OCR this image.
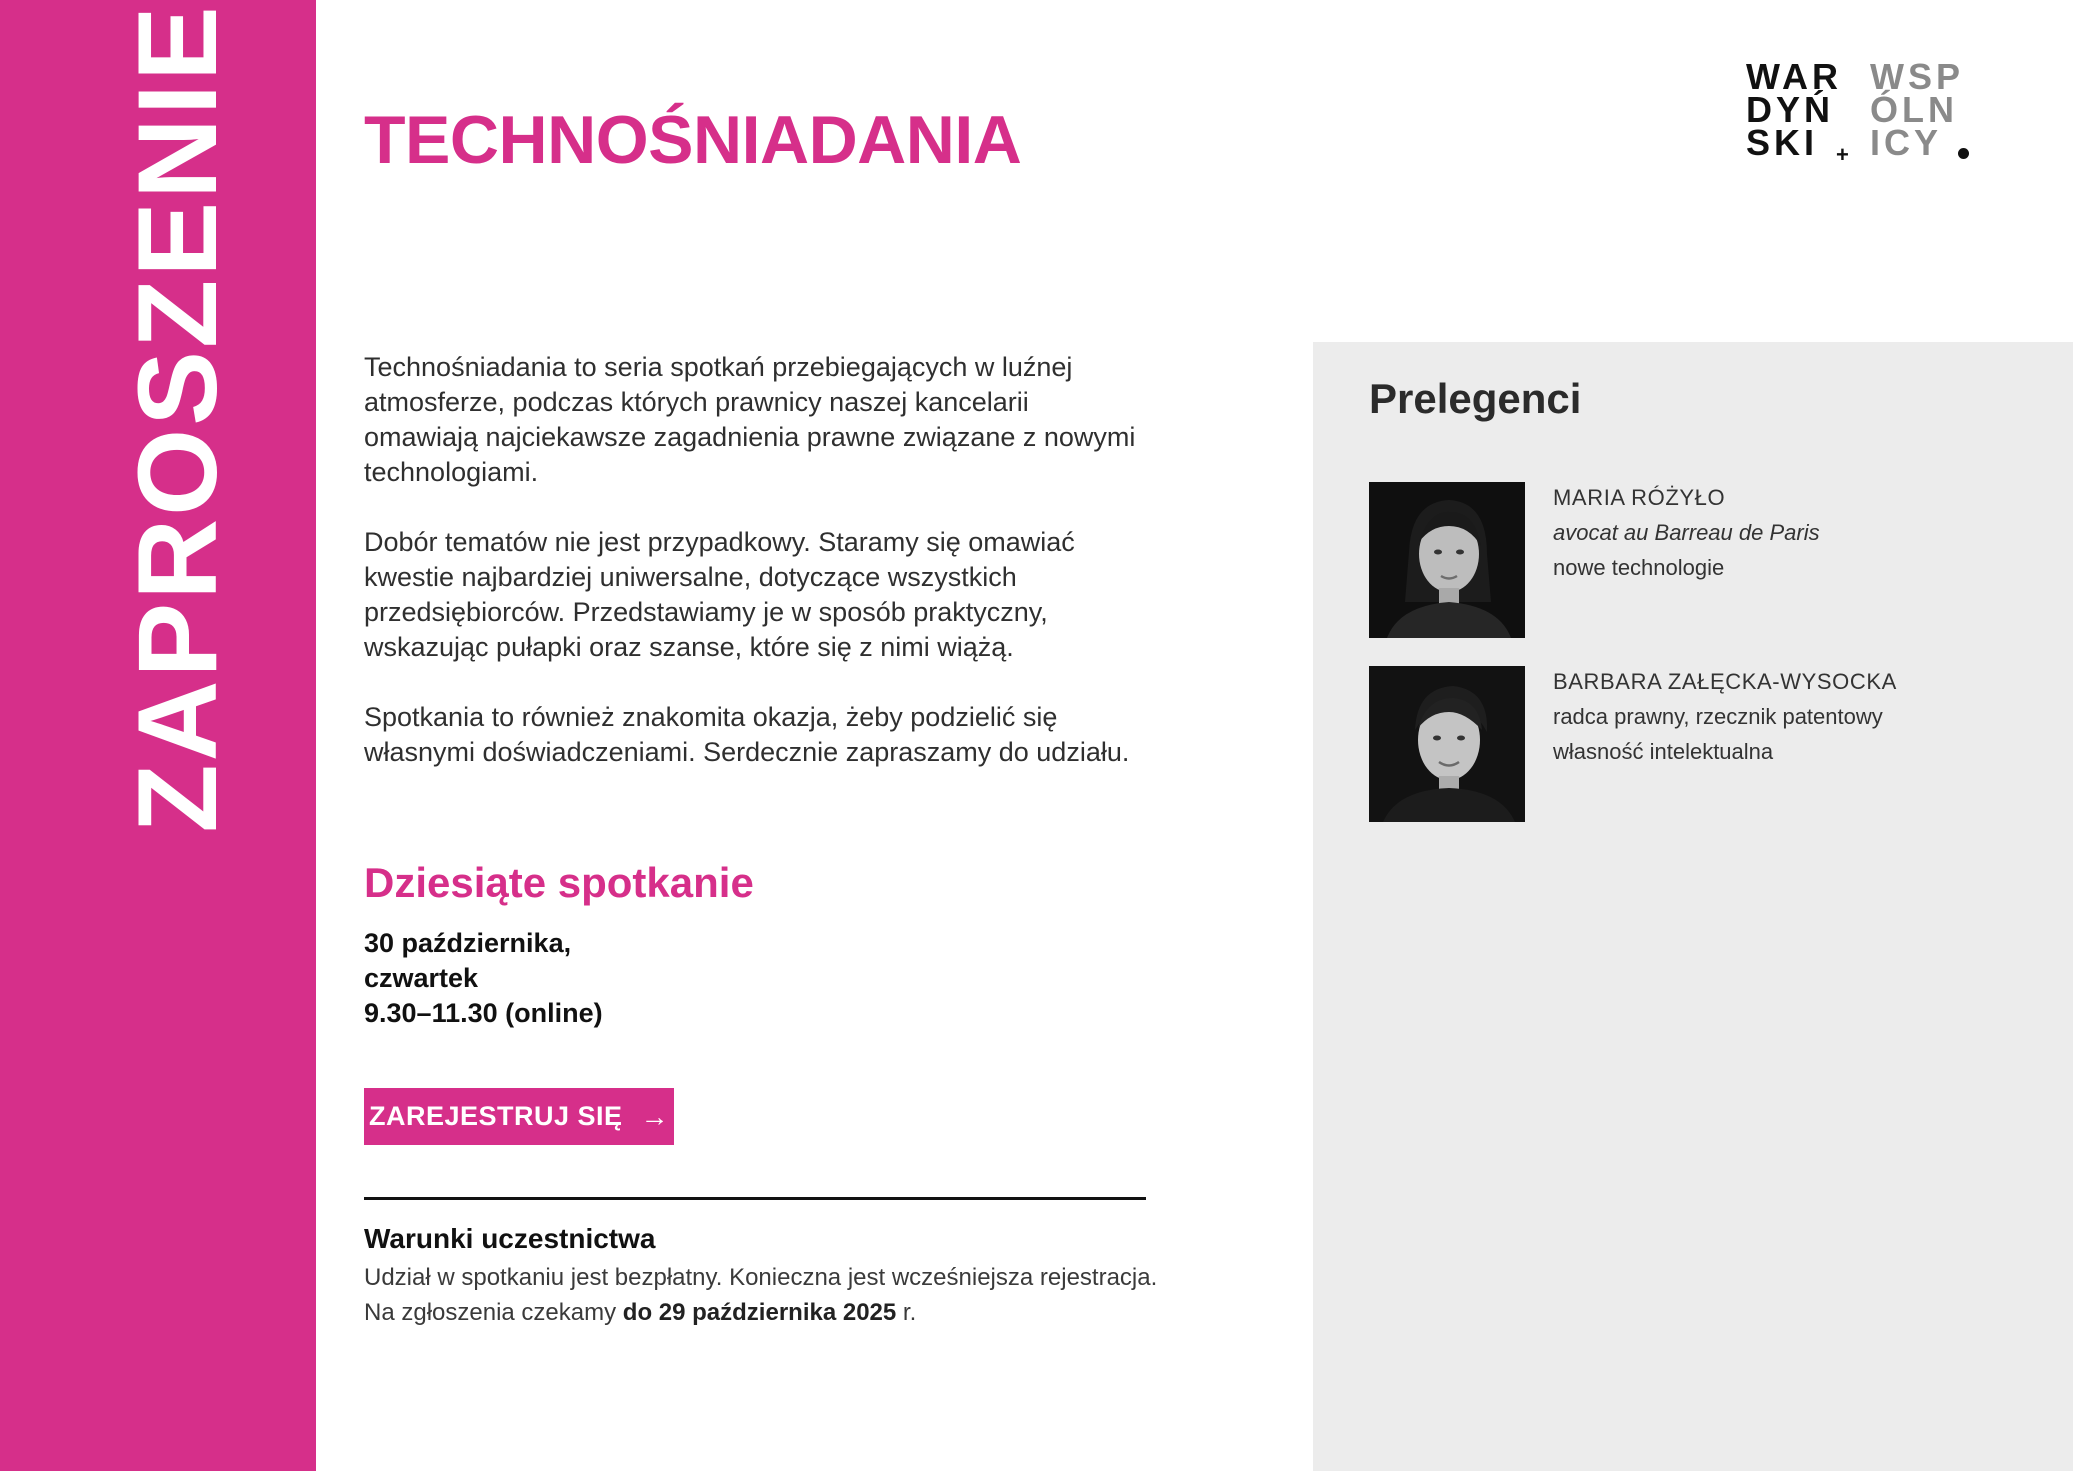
ZAPROSZENIE TECHNOŚNIADANIA
WAR
DYŃ
SKI +
WSP
ÓLN
ICY

Technośniadania to seria spotkań przebiegających w luźnej atmosferze, podczas których prawnicy naszej kancelarii omawiają najciekawsze zagadnienia prawne związane z nowymi technologiami.

Dobór tematów nie jest przypadkowy. Staramy się omawiać kwestie najbardziej uniwersalne, dotyczące wszystkich przedsiębiorców. Przedstawiamy je w sposób praktyczny, wskazując pułapki oraz szanse, które się z nimi wiążą.

Spotkania to również znakomita okazja, żeby podzielić się własnymi doświadczeniami. Serdecznie zapraszamy do udziału.

Dziesiąte spotkanie
30 października,
czwartek
9.30–11.30 (online)
ZAREJESTRUJ SIĘ →
Warunki uczestnictwa

Udział w spotkaniu jest bezpłatny. Konieczna jest wcześniejsza rejestracja. Na zgłoszenia czekamy do 29 października 2025 r.

Prelegenci
MARIA RÓŻYŁO
avocat au Barreau de Paris
nowe technologie
BARBARA ZAŁĘCKA-WYSOCKA
radca prawny, rzecznik patentowy
własność intelektualna
